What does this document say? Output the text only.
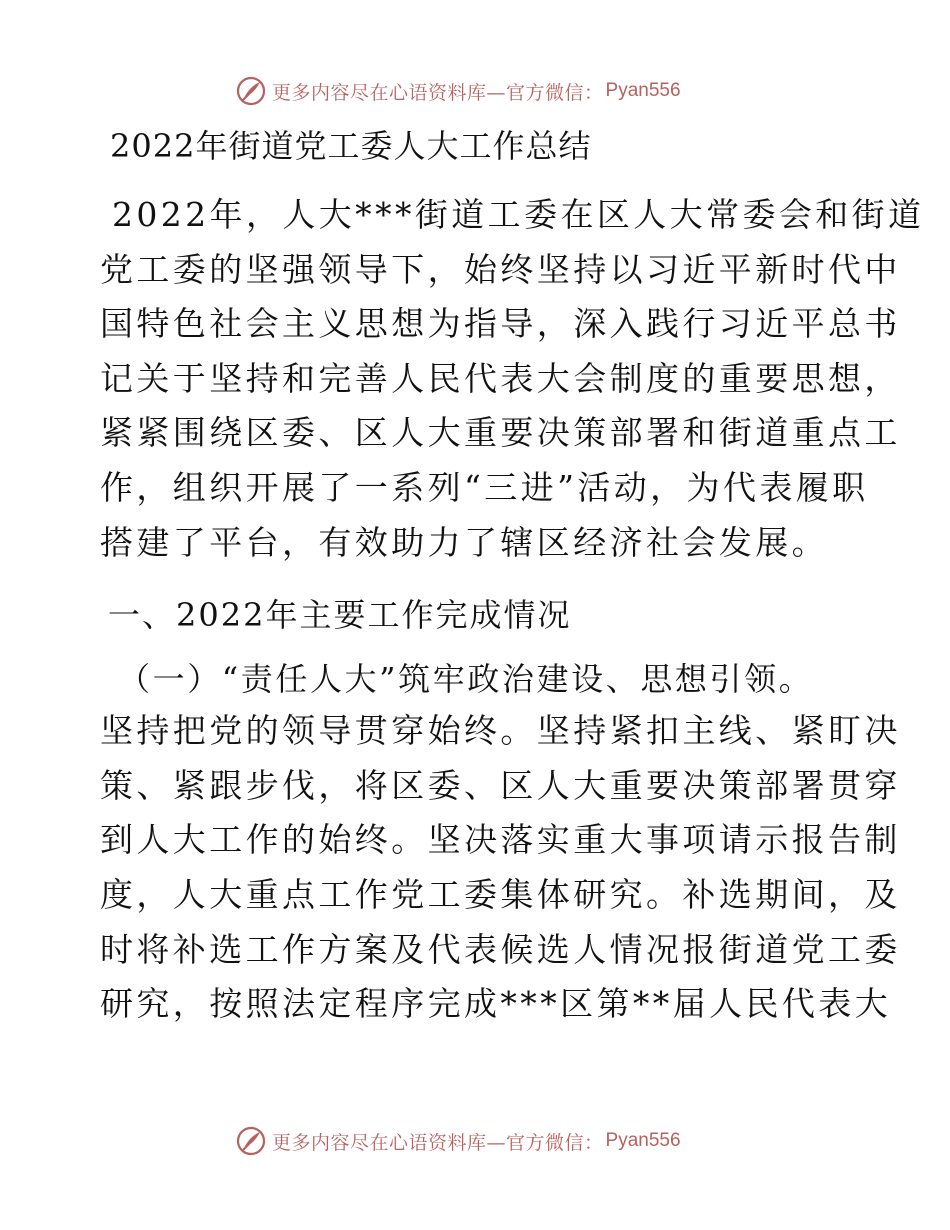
更多内容尽在心语资料库—官方微信： Pyan556
2022年街道党工委人大工作总结
2022年，人大***街道工委在区人大常委会和街道
党工委的坚强领导下，始终坚持以习近平新时代中
国特色社会主义思想为指导，深入践行习近平总书
记关于坚持和完善人民代表大会制度的重要思想，
紧紧围绕区委、区人大重要决策部署和街道重点工
作，组织开展了一系列“三进”活动，为代表履职
搭建了平台，有效助力了辖区经济社会发展。
一、2022年主要工作完成情况
（一）“责任人大”筑牢政治建设、思想引领。
坚持把党的领导贯穿始终。坚持紧扣主线、紧盯决
策、紧跟步伐，将区委、区人大重要决策部署贯穿
到人大工作的始终。坚决落实重大事项请示报告制
度，人大重点工作党工委集体研究。补选期间，及
时将补选工作方案及代表候选人情况报街道党工委
研究，按照法定程序完成***区第**届人民代表大
更多内容尽在心语资料库—官方微信： Pyan556
